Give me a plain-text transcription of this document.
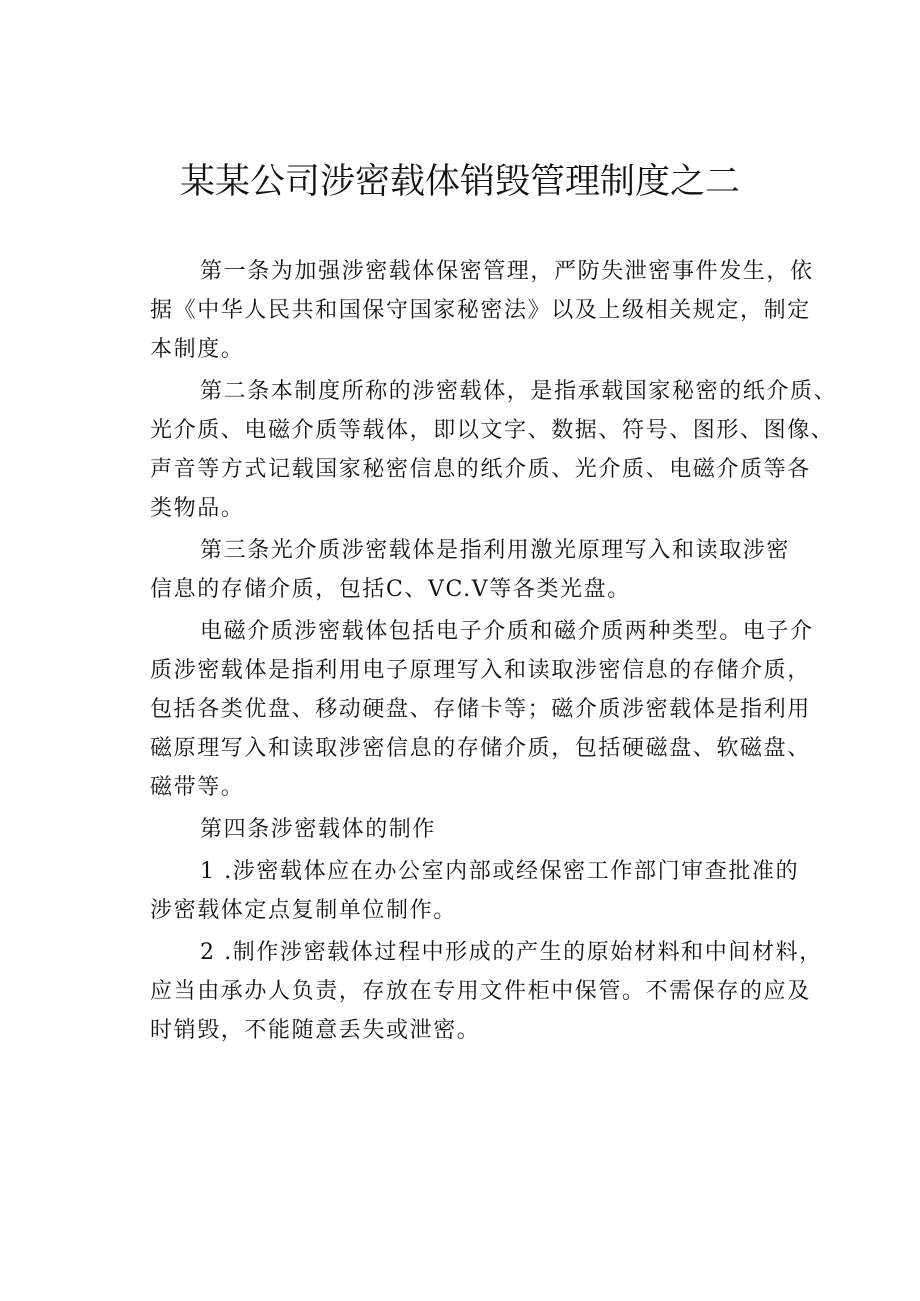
某某公司涉密载体销毁管理制度之二

第一条为加强涉密载体保密管理，严防失泄密事件发生，依
据《中华人民共和国保守国家秘密法》以及上级相关规定，制定
本制度。

第二条本制度所称的涉密载体，是指承载国家秘密的纸介质、
光介质、电磁介质等载体，即以文字、数据、符号、图形、图像、
声音等方式记载国家秘密信息的纸介质、光介质、电磁介质等各
类物品。

第三条光介质涉密载体是指利用激光原理写入和读取涉密
信息的存储介质，包括C、VC.V等各类光盘。

电磁介质涉密载体包括电子介质和磁介质两种类型。电子介
质涉密载体是指利用电子原理写入和读取涉密信息的存储介质，
包括各类优盘、移动硬盘、存储卡等；磁介质涉密载体是指利用
磁原理写入和读取涉密信息的存储介质，包括硬磁盘、软磁盘、
磁带等。

第四条涉密载体的制作

1 .涉密载体应在办公室内部或经保密工作部门审查批准的
涉密载体定点复制单位制作。

2 .制作涉密载体过程中形成的产生的原始材料和中间材料，
应当由承办人负责，存放在专用文件柜中保管。不需保存的应及
时销毁，不能随意丢失或泄密。
